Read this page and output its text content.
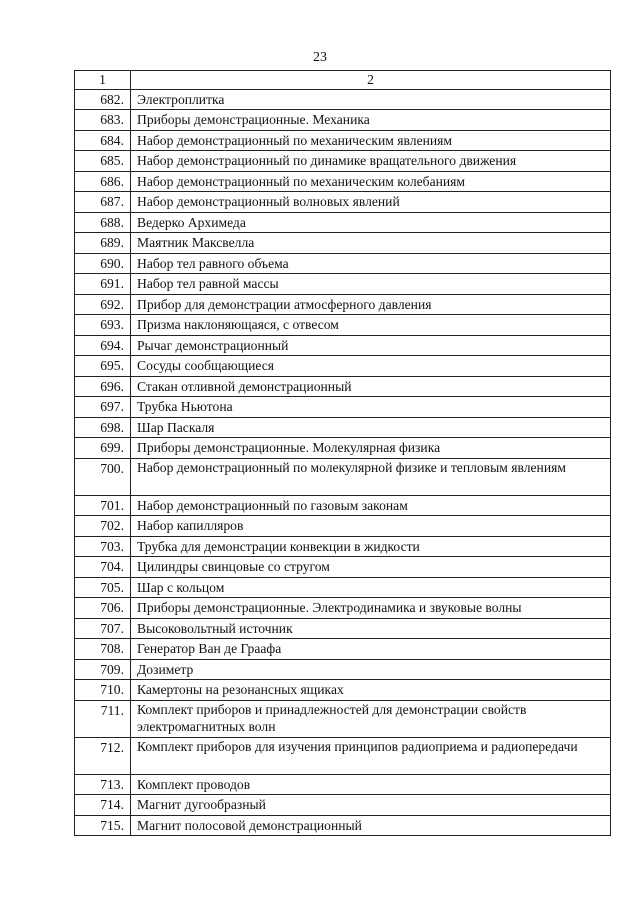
23
1	2
682.	Электроплитка
683.	Приборы демонстрационные. Механика
684.	Набор демонстрационный по механическим явлениям
685.	Набор демонстрационный по динамике вращательного движения
686.	Набор демонстрационный по механическим колебаниям
687.	Набор демонстрационный волновых явлений
688.	Ведерко Архимеда
689.	Маятник Максвелла
690.	Набор тел равного объема
691.	Набор тел равной массы
692.	Прибор для демонстрации атмосферного давления
693.	Призма наклоняющаяся, с отвесом
694.	Рычаг демонстрационный
695.	Сосуды сообщающиеся
696.	Стакан отливной демонстрационный
697.	Трубка Ньютона
698.	Шар Паскаля
699.	Приборы демонстрационные. Молекулярная физика
700.	Набор демонстрационный по молекулярной физике и тепловым явлениям
701.	Набор демонстрационный по газовым законам
702.	Набор капилляров
703.	Трубка для демонстрации конвекции в жидкости
704.	Цилиндры свинцовые со стругом
705.	Шар с кольцом
706.	Приборы демонстрационные. Электродинамика и звуковые волны
707.	Высоковольтный источник
708.	Генератор Ван де Граафа
709.	Дозиметр
710.	Камертоны на резонансных ящиках
711.	Комплект приборов и принадлежностей для демонстрации свойств электромагнитных волн
712.	Комплект приборов для изучения принципов радиоприема и радиопередачи
713.	Комплект проводов
714.	Магнит дугообразный
715.	Магнит полосовой демонстрационный
